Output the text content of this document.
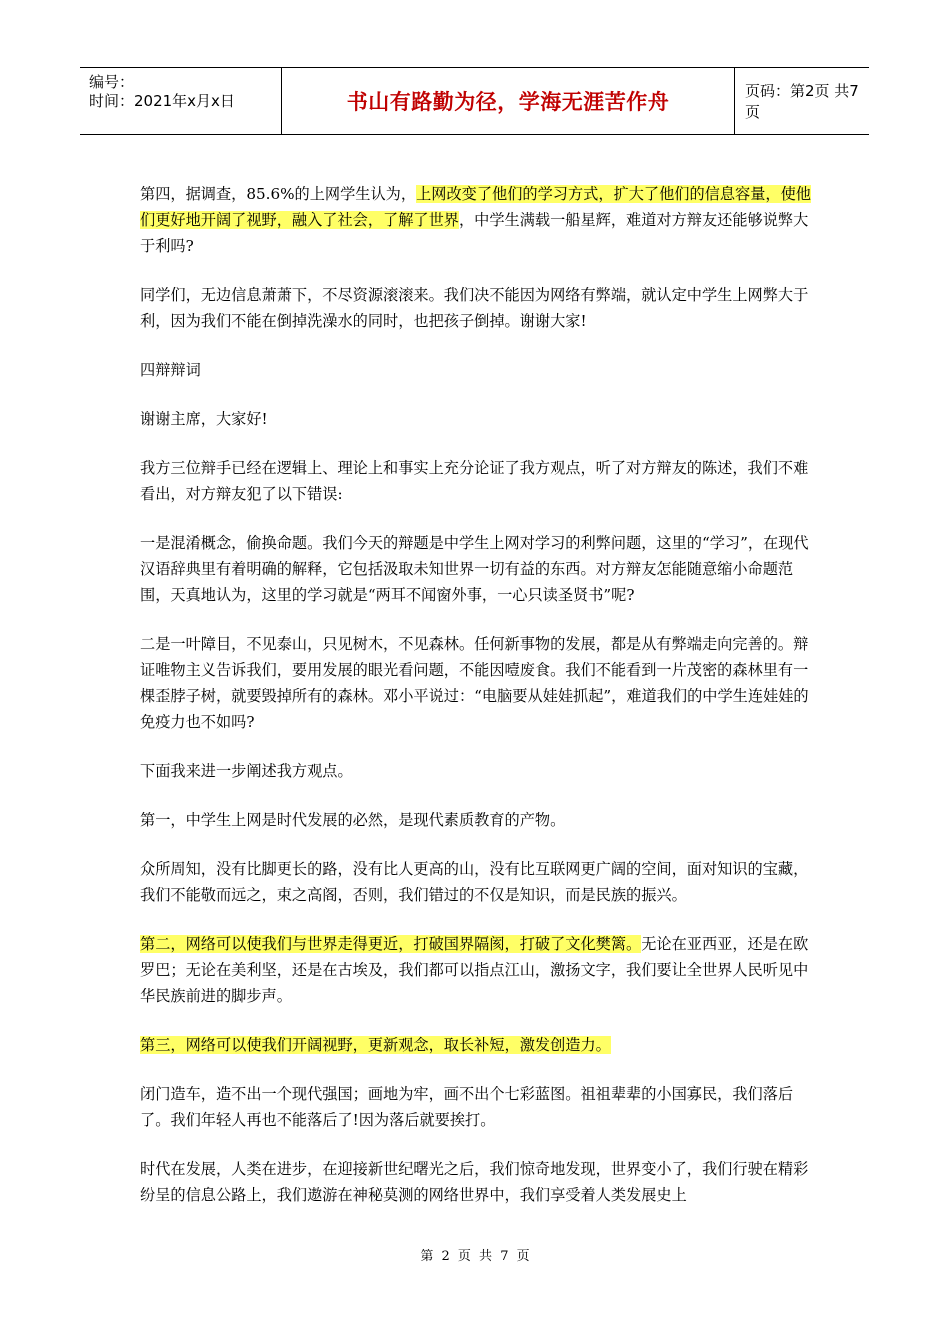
编号：
时间：2021年x月x日	书山有路勤为径，学海无涯苦作舟	页码：第2页 共7页

第四，据调查，85.6%的上网学生认为，上网改变了他们的学习方式，扩大了他们的信息容量，使他们更好地开阔了视野，融入了社会，了解了世界，中学生满载一船星辉，难道对方辩友还能够说弊大于利吗?

同学们，无边信息萧萧下，不尽资源滚滚来。我们决不能因为网络有弊端，就认定中学生上网弊大于利，因为我们不能在倒掉洗澡水的同时，也把孩子倒掉。谢谢大家!

四辩辩词

谢谢主席，大家好!

我方三位辩手已经在逻辑上、理论上和事实上充分论证了我方观点，听了对方辩友的陈述，我们不难看出，对方辩友犯了以下错误:

一是混淆概念，偷换命题。我们今天的辩题是中学生上网对学习的利弊问题，这里的“学习”，在现代汉语辞典里有着明确的解释，它包括汲取未知世界一切有益的东西。对方辩友怎能随意缩小命题范围，天真地认为，这里的学习就是“两耳不闻窗外事，一心只读圣贤书”呢?

二是一叶障目，不见泰山，只见树木，不见森林。任何新事物的发展，都是从有弊端走向完善的。辩证唯物主义告诉我们，要用发展的眼光看问题，不能因噎废食。我们不能看到一片茂密的森林里有一棵歪脖子树，就要毁掉所有的森林。邓小平说过：“电脑要从娃娃抓起”，难道我们的中学生连娃娃的免疫力也不如吗?

下面我来进一步阐述我方观点。

第一，中学生上网是时代发展的必然，是现代素质教育的产物。

众所周知，没有比脚更长的路，没有比人更高的山，没有比互联网更广阔的空间，面对知识的宝藏，我们不能敬而远之，束之高阁，否则，我们错过的不仅是知识，而是民族的振兴。

第二，网络可以使我们与世界走得更近，打破国界隔阂，打破了文化樊篱。无论在亚西亚，还是在欧罗巴；无论在美利坚，还是在古埃及，我们都可以指点江山，激扬文字，我们要让全世界人民听见中华民族前进的脚步声。

第三，网络可以使我们开阔视野，更新观念，取长补短，激发创造力。

闭门造车，造不出一个现代强国；画地为牢，画不出个七彩蓝图。祖祖辈辈的小国寡民，我们落后了。我们年轻人再也不能落后了!因为落后就要挨打。

时代在发展，人类在进步，在迎接新世纪曙光之后，我们惊奇地发现，世界变小了，我们行驶在精彩纷呈的信息公路上，我们遨游在神秘莫测的网络世界中，我们享受着人类发展史上

第 2 页 共 7 页
